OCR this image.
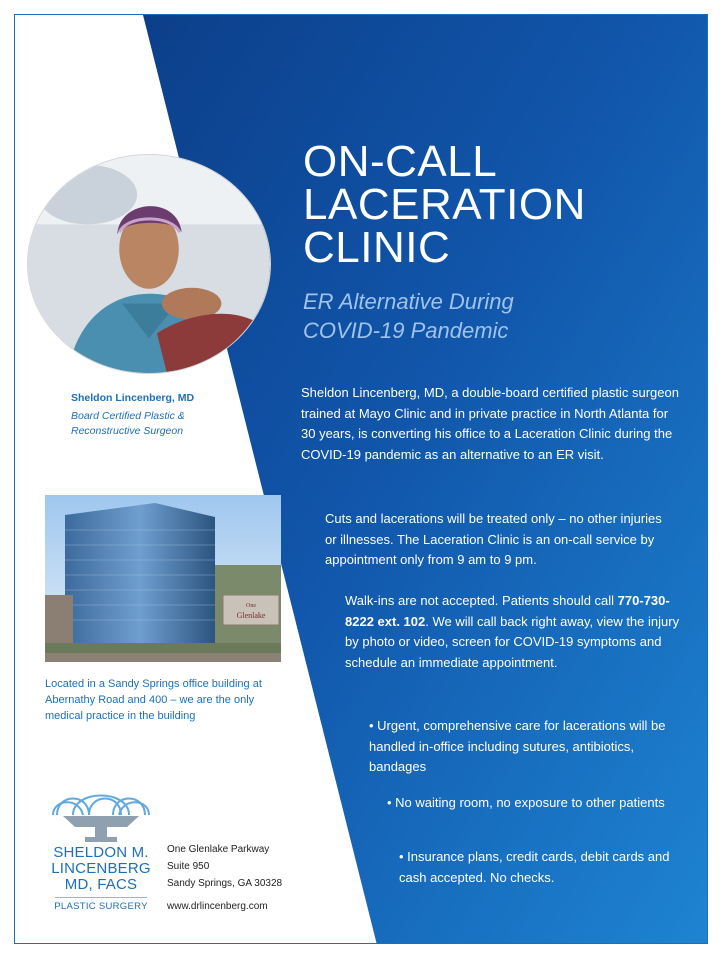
Sheldon Lincenberg, MD
Board Certified Plastic &
Reconstructive Surgeon
One
Glenlake
Located in a Sandy Springs office building at Abernathy Road and 400 – we are the only medical practice in the building
SHELDON M.
LINCENBERG
MD, FACS
PLASTIC SURGERY
One Glenlake Parkway
Suite 950
Sandy Springs, GA 30328
www.drlincenberg.com
ON-CALL
LACERATION
CLINIC
ER Alternative During
COVID-19 Pandemic
Sheldon Lincenberg, MD, a double-board certified plastic surgeon trained at Mayo Clinic and in private practice in North Atlanta for 30 years, is converting his office to a Laceration Clinic during the COVID-19 pandemic as an alternative to an ER visit.
Cuts and lacerations will be treated only – no other injuries or illnesses. The Laceration Clinic is an on-call service by appointment only from 9 am to 9 pm.
Walk-ins are not accepted. Patients should call 770-730-8222 ext. 102. We will call back right away, view the injury by photo or video, screen for COVID-19 symptoms and schedule an immediate appointment.
• Urgent, comprehensive care for lacerations will be handled in-office including sutures, antibiotics, bandages
• No waiting room, no exposure to other patients
• Insurance plans, credit cards, debit cards and cash accepted. No checks.
